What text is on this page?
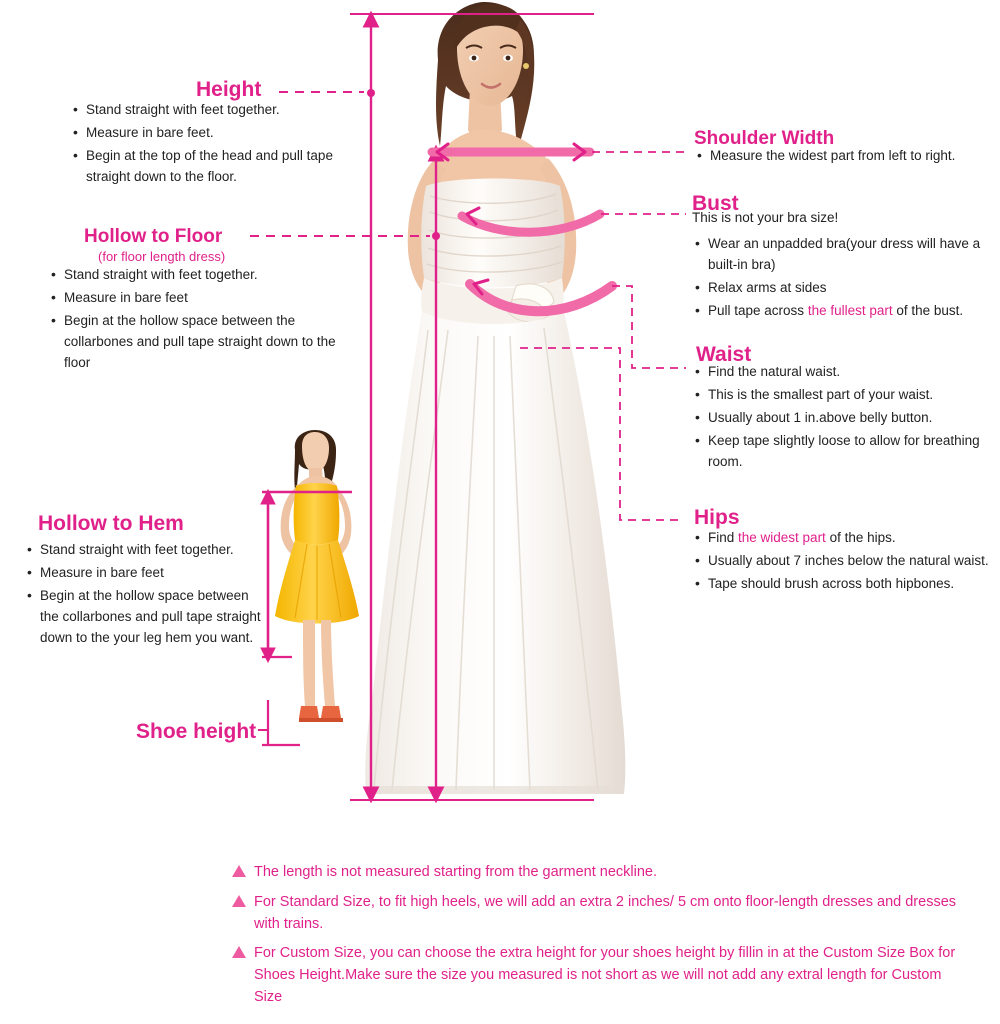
Height
• Stand straight with feet together.
• Measure in bare feet.
• Begin at the top of the head and pull tape straight down to the floor.
Hollow to Floor
(for floor length dress)
• Stand straight with feet together.
• Measure in bare feet
• Begin at the hollow space between the collarbones and pull tape straight down to the floor
Hollow to Hem
• Stand straight with feet together.
• Measure in bare feet
• Begin at the hollow space between the collarbones and pull tape straight down to the your leg hem you want.
Shoe height
Shoulder Width
• Measure the widest part from left to right.
Bust
This is not your bra size!
• Wear an unpadded bra(your dress will have a built-in bra)
• Relax arms at sides
• Pull tape across the fullest part of the bust.
Waist
• Find the natural waist.
• This is the smallest part of your waist.
• Usually about 1 in.above belly button.
• Keep tape slightly loose to allow for breathing room.
Hips
• Find the widest part of the hips.
• Usually about 7 inches below the natural waist.
• Tape should brush across both hipbones.
The length is not measured starting from the garment neckline.
For Standard Size, to fit high heels, we will add an extra 2 inches/ 5 cm onto floor-length dresses and dresses with trains.
For Custom Size, you can choose the extra height for your shoes height by fillin in at the Custom Size Box for Shoes Height.Make sure the size you measured is not short as we will not add any extral length for Custom Size
